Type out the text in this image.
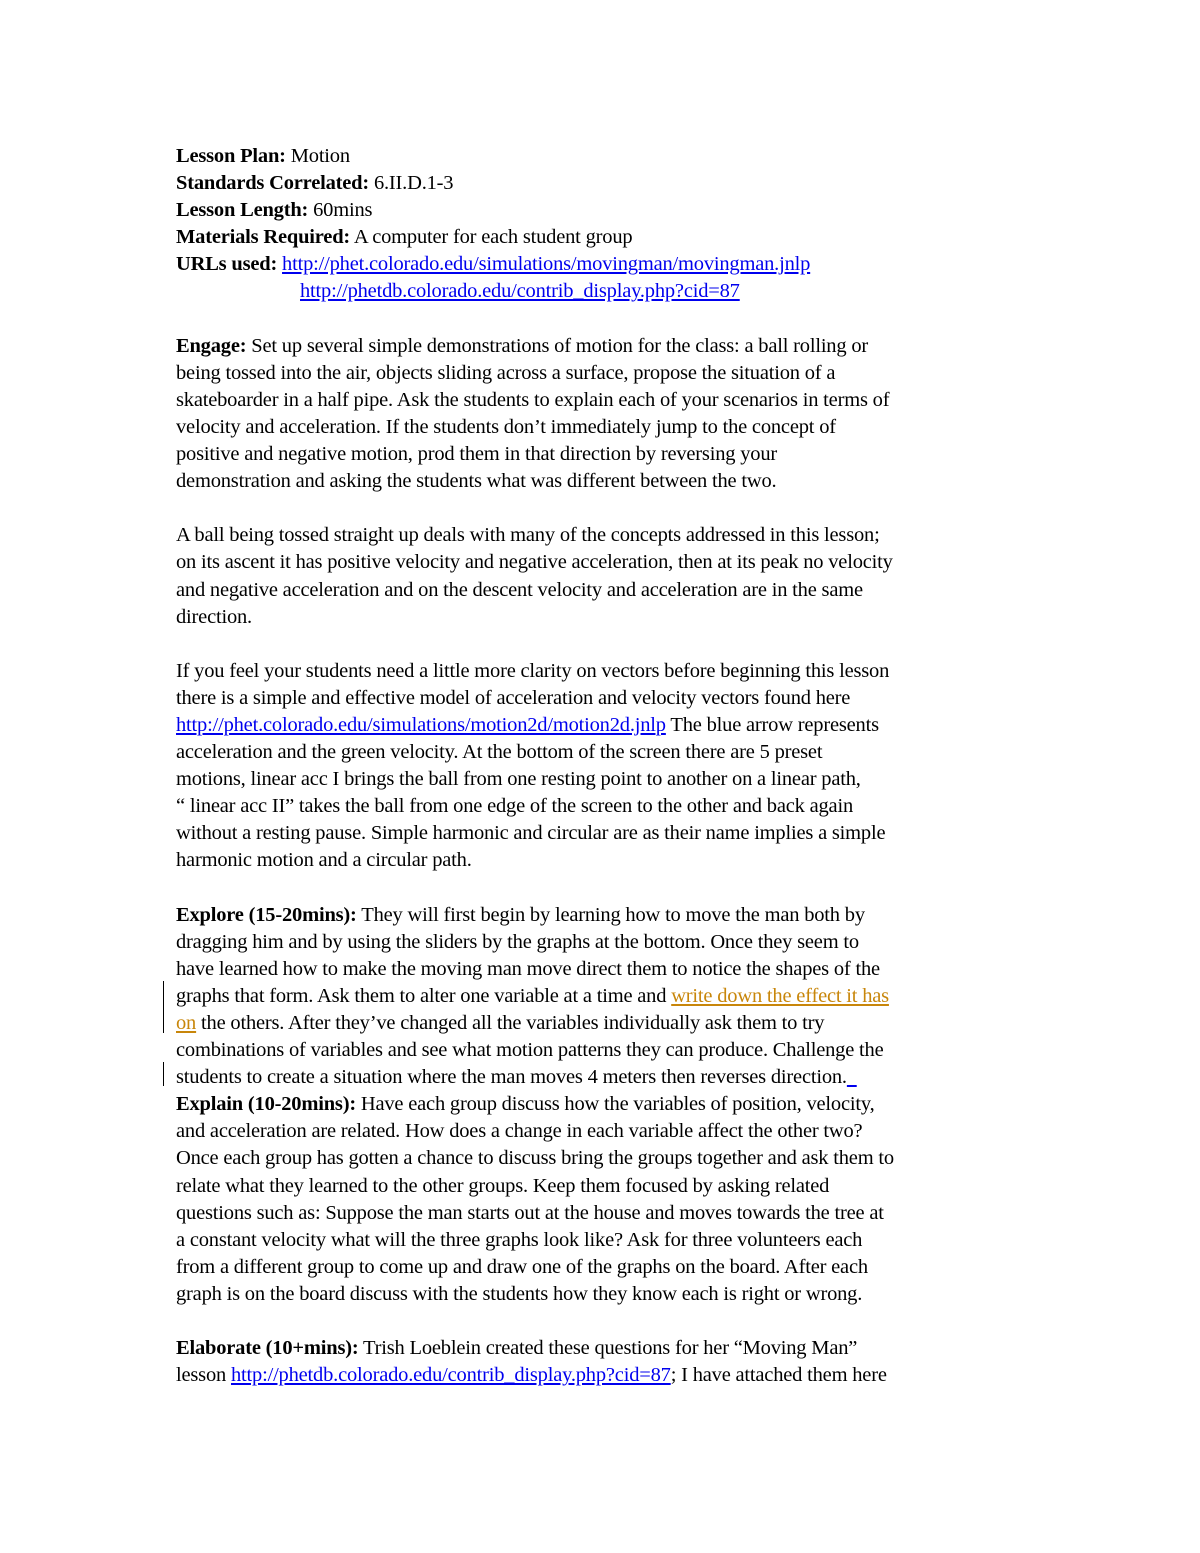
Lesson Plan: Motion
Standards Correlated: 6.II.D.1-3
Lesson Length: 60mins
Materials Required: A computer for each student group
URLs used: http://phet.colorado.edu/simulations/movingman/movingman.jnlp
http://phetdb.colorado.edu/contrib_display.php?cid=87
Engage: Set up several simple demonstrations of motion for the class: a ball rolling or
being tossed into the air, objects sliding across a surface, propose the situation of a
skateboarder in a half pipe. Ask the students to explain each of your scenarios in terms of
velocity and acceleration. If the students don’t immediately jump to the concept of
positive and negative motion, prod them in that direction by reversing your
demonstration and asking the students what was different between the two.
A ball being tossed straight up deals with many of the concepts addressed in this lesson;
on its ascent it has positive velocity and negative acceleration, then at its peak no velocity
and negative acceleration and on the descent velocity and acceleration are in the same
direction.
If you feel your students need a little more clarity on vectors before beginning this lesson
there is a simple and effective model of acceleration and velocity vectors found here
http://phet.colorado.edu/simulations/motion2d/motion2d.jnlp The blue arrow represents
acceleration and the green velocity. At the bottom of the screen there are 5 preset
motions, linear acc I brings the ball from one resting point to another on a linear path,
“ linear acc II” takes the ball from one edge of the screen to the other and back again
without a resting pause. Simple harmonic and circular are as their name implies a simple
harmonic motion and a circular path.
Explore (15-20mins): They will first begin by learning how to move the man both by
dragging him and by using the sliders by the graphs at the bottom. Once they seem to
have learned how to make the moving man move direct them to notice the shapes of the
graphs that form. Ask them to alter one variable at a time and write down the effect it has
on the others. After they’ve changed all the variables individually ask them to try
combinations of variables and see what motion patterns they can produce. Challenge the
students to create a situation where the man moves 4 meters then reverses direction.
Explain (10-20mins): Have each group discuss how the variables of position, velocity,
and acceleration are related. How does a change in each variable affect the other two?
Once each group has gotten a chance to discuss bring the groups together and ask them to
relate what they learned to the other groups. Keep them focused by asking related
questions such as: Suppose the man starts out at the house and moves towards the tree at
a constant velocity what will the three graphs look like? Ask for three volunteers each
from a different group to come up and draw one of the graphs on the board. After each
graph is on the board discuss with the students how they know each is right or wrong.
Elaborate (10+mins): Trish Loeblein created these questions for her “Moving Man”
lesson http://phetdb.colorado.edu/contrib_display.php?cid=87; I have attached them here
